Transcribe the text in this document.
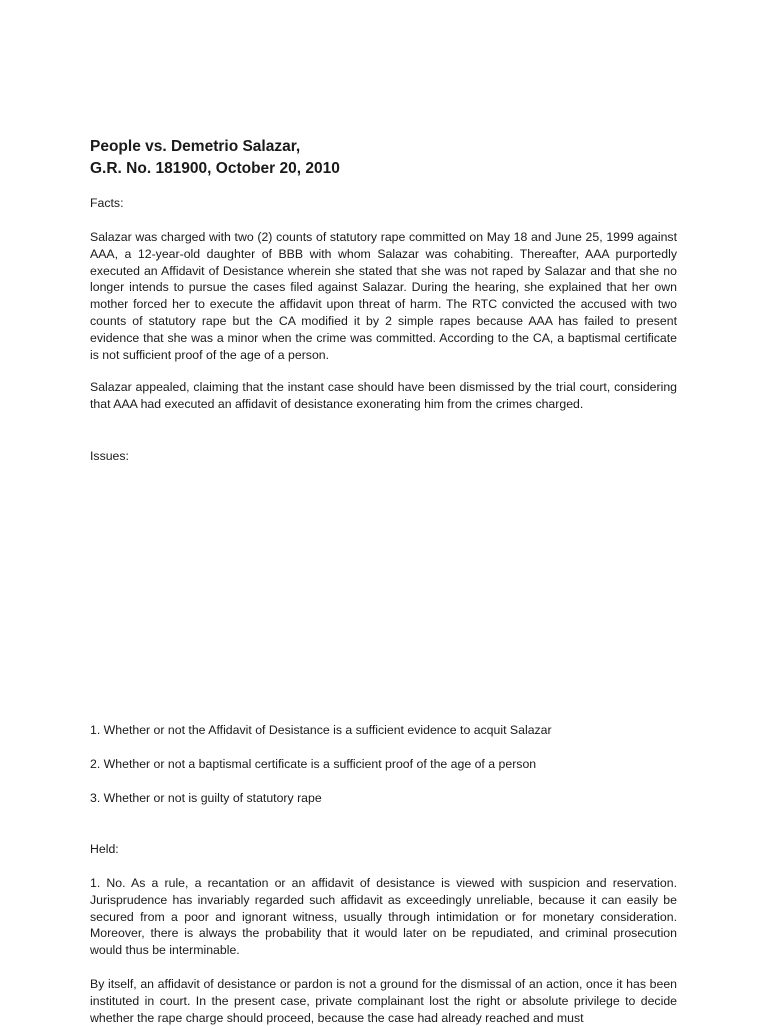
People vs. Demetrio Salazar,
G.R. No. 181900, October 20, 2010

Facts:

Salazar was charged with two (2) counts of statutory rape committed on May 18 and June 25, 1999 against AAA, a 12-year-old daughter of BBB with whom Salazar was cohabiting. Thereafter, AAA purportedly executed an Affidavit of Desistance wherein she stated that she was not raped by Salazar and that she no longer intends to pursue the cases filed against Salazar. During the hearing, she explained that her own mother forced her to execute the affidavit upon threat of harm. The RTC convicted the accused with two counts of statutory rape but the CA modified it by 2 simple rapes because AAA has failed to present evidence that she was a minor when the crime was committed. According to the CA, a baptismal certificate is not sufficient proof of the age of a person.

Salazar appealed, claiming that the instant case should have been dismissed by the trial court, considering that AAA had executed an affidavit of desistance exonerating him from the crimes charged.

Issues:

1. Whether or not the Affidavit of Desistance is a sufficient evidence to acquit Salazar

2. Whether or not a baptismal certificate is a sufficient proof of the age of a person

3. Whether or not is guilty of statutory rape

Held:

1. No. As a rule, a recantation or an affidavit of desistance is viewed with suspicion and reservation. Jurisprudence has invariably regarded such affidavit as exceedingly unreliable, because it can easily be secured from a poor and ignorant witness, usually through intimidation or for monetary consideration. Moreover, there is always the probability that it would later on be repudiated, and criminal prosecution would thus be interminable.

By itself, an affidavit of desistance or pardon is not a ground for the dismissal of an action, once it has been instituted in court. In the present case, private complainant lost the right or absolute privilege to decide whether the rape charge should proceed, because the case had already reached and must
